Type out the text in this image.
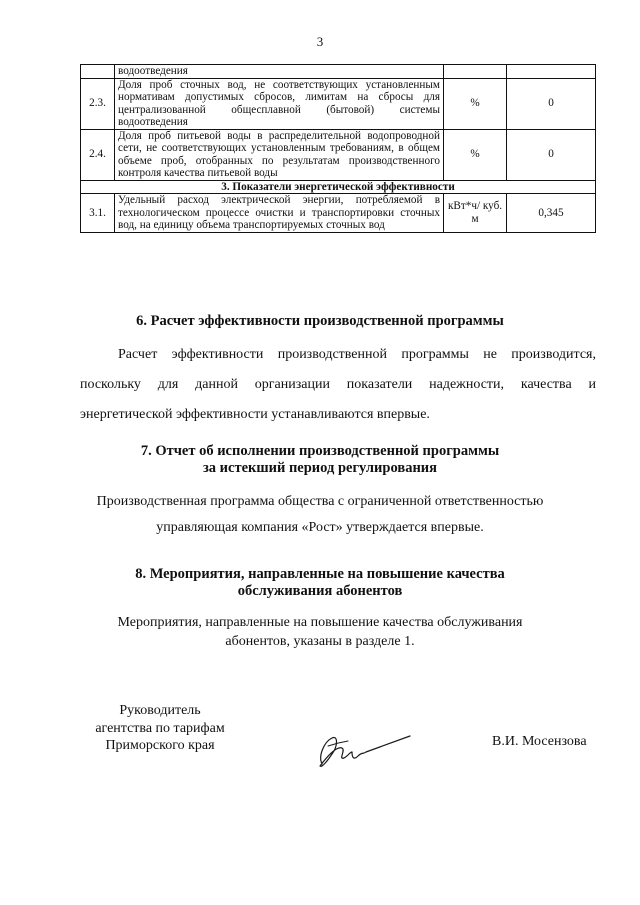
3
	водоотведения		
2.3.	Доля проб сточных вод, не соответствующих установленным нормативам допустимых сбросов, лимитам на сбросы для централизованной общесплавной (бытовой) системы водоотведения	%	0
2.4.	Доля проб питьевой воды в распределительной водопроводной сети, не соответствующих установленным требованиям, в общем объеме проб, отобранных по результатам производственного контроля качества питьевой воды	%	0
3. Показатели энергетической эффективности			
3.1.	Удельный расход электрической энергии, потребляемой в технологическом процессе очистки и транспортировки сточных вод, на единицу объема транспортируемых сточных вод	кВт*ч/ куб. м	0,345
6. Расчет эффективности производственной программы
Расчет эффективности производственной программы не производится, поскольку для данной организации показатели надежности, качества и энергетической эффективности устанавливаются впервые.
7. Отчет об исполнении производственной программы
за истекший период регулирования
Производственная программа общества с ограниченной ответственностью
управляющая компания «Рост» утверждается впервые.
8. Мероприятия, направленные на повышение качества
обслуживания абонентов
Мероприятия, направленные на повышение качества обслуживания
абонентов, указаны в разделе 1.
Руководитель
агентства по тарифам
Приморского края	В.И. Мосензова
